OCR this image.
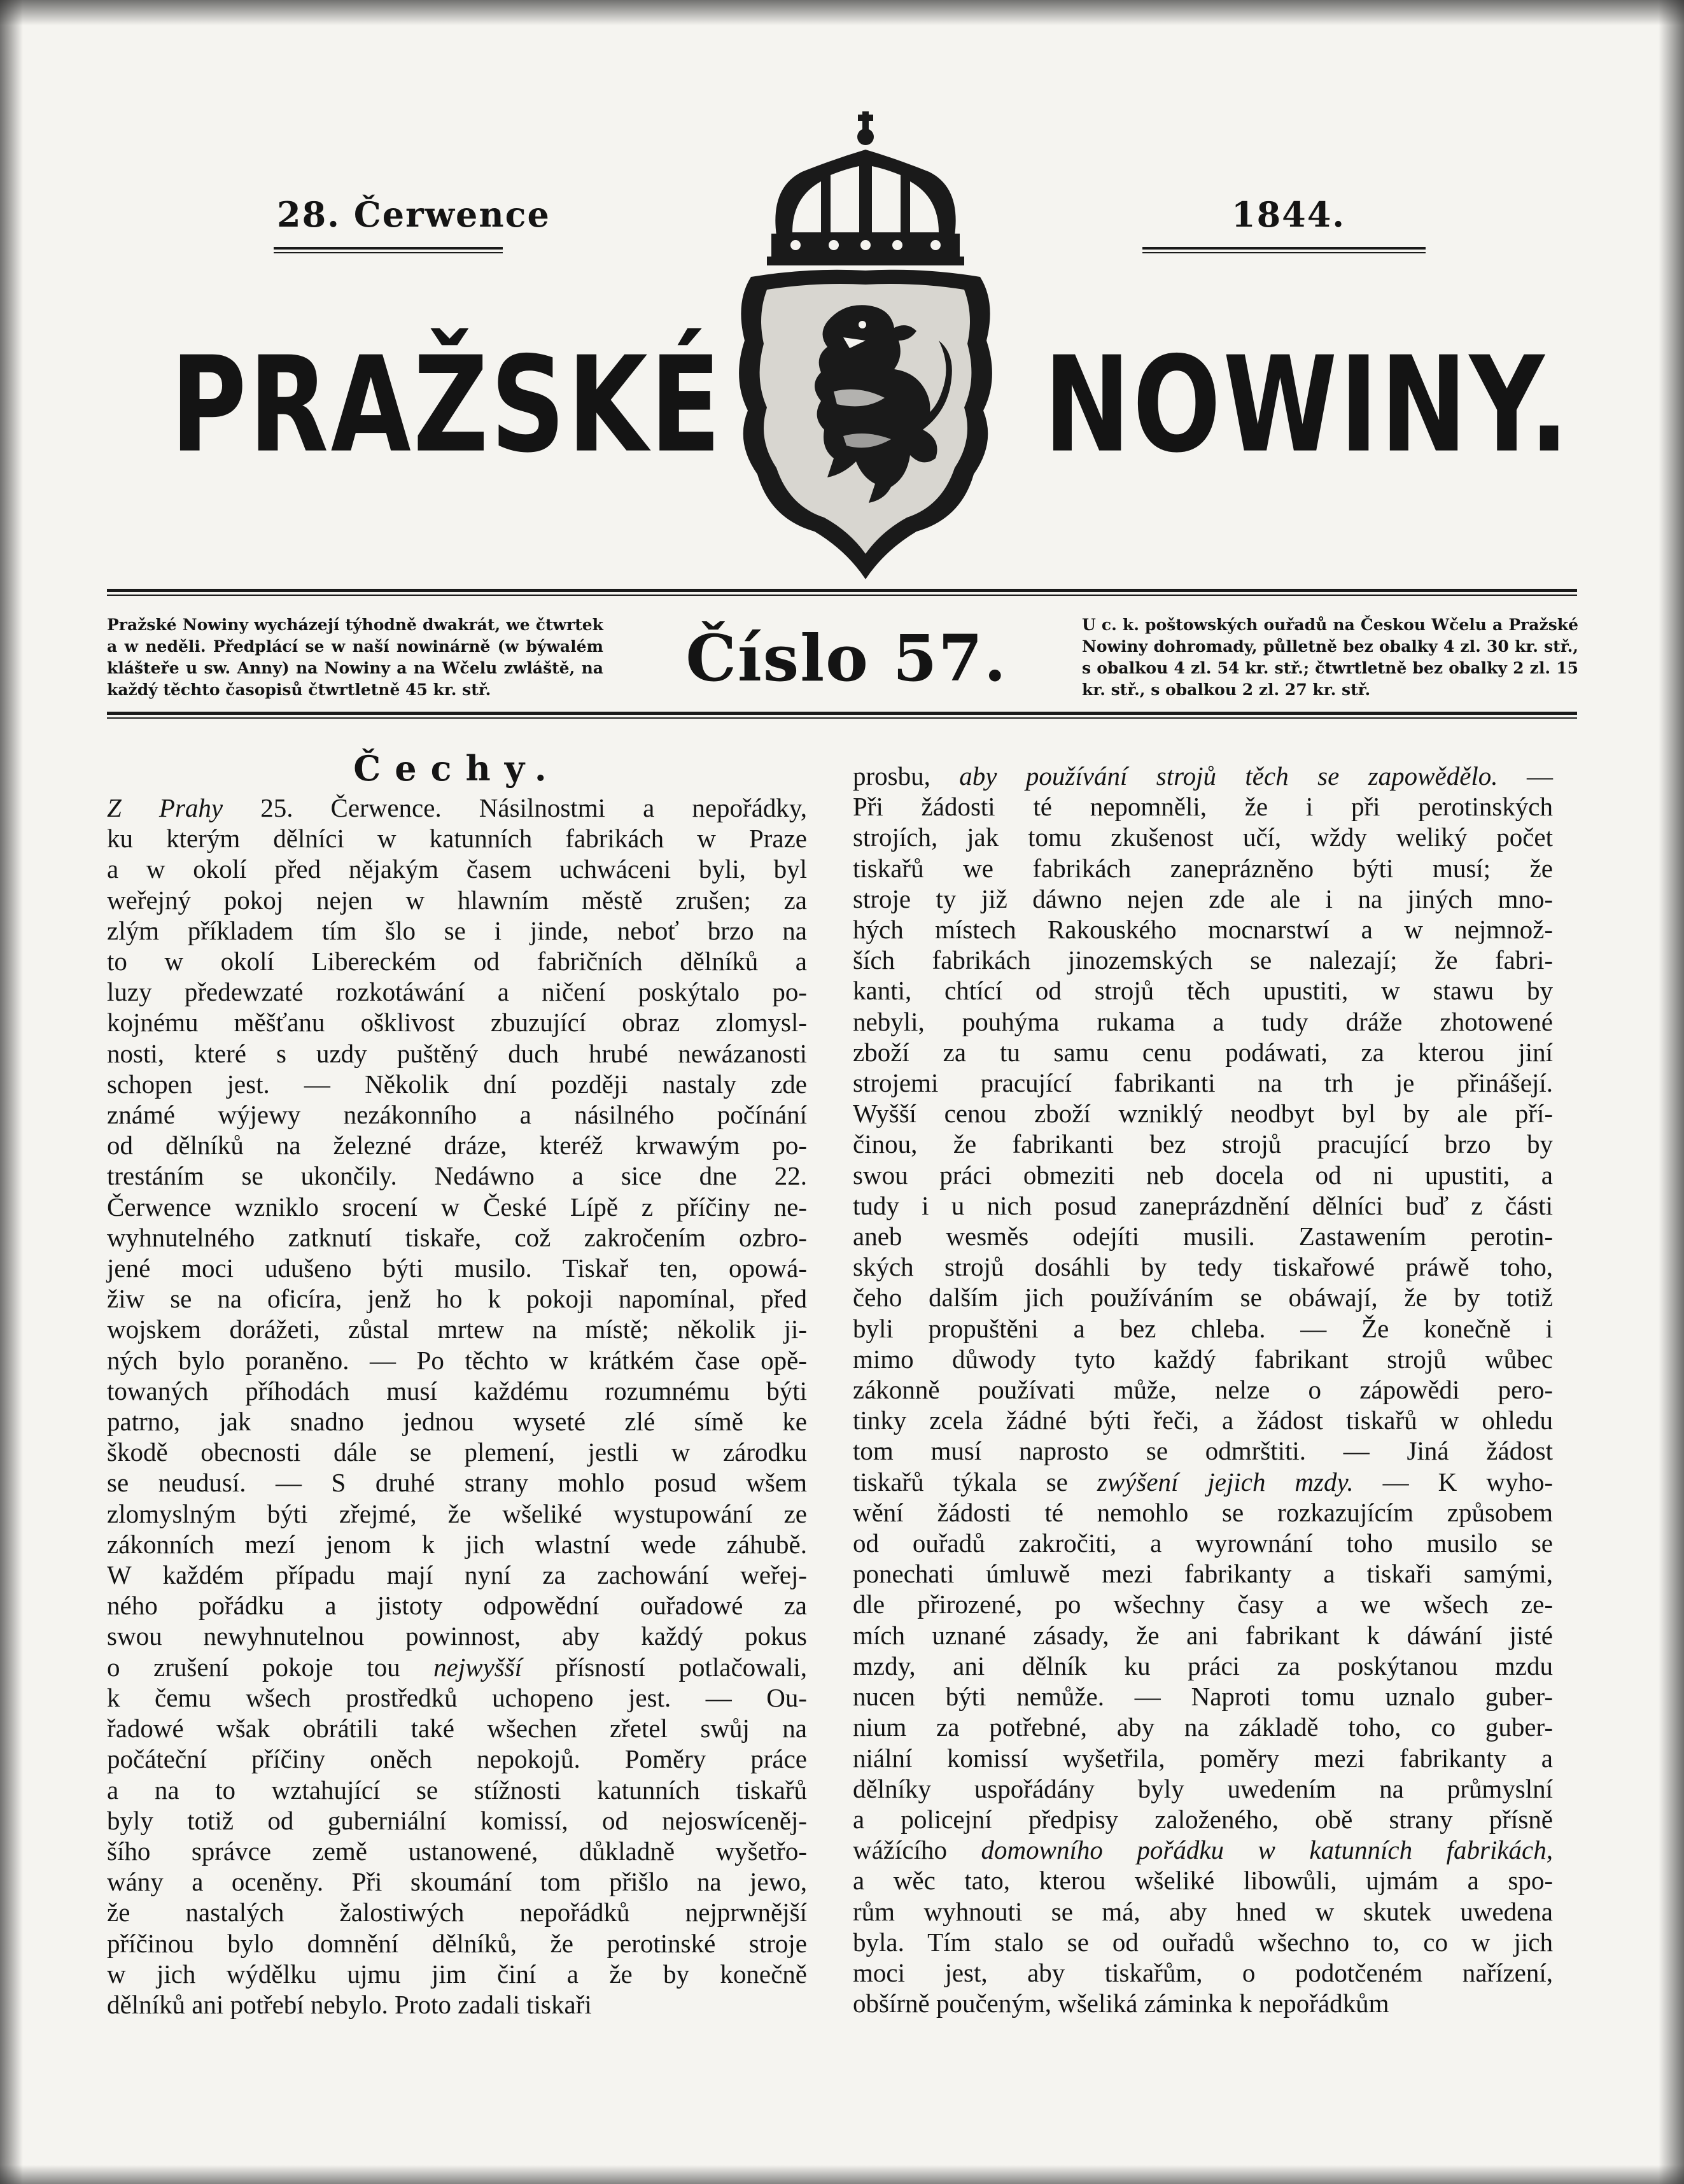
28. Čerwence	1844.
PRAŽSKÉ	NOWINY.
Pražské Nowiny wycházejí týhodně dwakrát, we čtwrtek a w neděli. Předplácí se w naší nowinárně (w býwalém klášteře u sw. Anny) na Nowiny a na Wčelu zwláště, na každý těchto časopisů čtwrtletně 45 kr. stř.	Číslo 57.	U c. k. poštowských ouřadů na Českou Wčelu a Pražské Nowiny dohromady, půlletně bez obalky 4 zl. 30 kr. stř., s obalkou 4 zl. 54 kr. stř.; čtwrtletně bez obalky 2 zl. 15 kr. stř., s obalkou 2 zl. 27 kr. stř.
Čechy.
Z Prahy 25. Čerwence. Násilnostmi a nepořádky,
ku kterým dělníci w katunních fabrikách w Praze
a w okolí před nějakým časem uchwáceni byli, byl
weřejný pokoj nejen w hlawním městě zrušen; za
zlým příkladem tím šlo se i jinde, neboť brzo na
to w okolí Libereckém od fabričních dělníků a
luzy předewzaté rozkotáwání a ničení poskýtalo po-
kojnému měšťanu ošklivost zbuzující obraz zlomysl-
nosti, které s uzdy puštěný duch hrubé newázanosti
schopen jest. — Několik dní později nastaly zde
známé wýjewy nezákonního a násilného počínání
od dělníků na železné dráze, kteréž krwawým po-
trestáním se ukončily. Nedáwno a sice dne 22.
Čerwence wzniklo srocení w České Lípě z příčiny ne-
wyhnutelného zatknutí tiskaře, což zakročením ozbro-
jené moci udušeno býti musilo. Tiskař ten, opowá-
žiw se na oficíra, jenž ho k pokoji napomínal, před
wojskem dorážeti, zůstal mrtew na místě; několik ji-
ných bylo poraněno. — Po těchto w krátkém čase opě-
towaných příhodách musí každému rozumnému býti
patrno, jak snadno jednou wyseté zlé símě ke
škodě obecnosti dále se plemení, jestli w zárodku
se neudusí. — S druhé strany mohlo posud wšem
zlomyslným býti zřejmé, že wšeliké wystupowání ze
zákonních mezí jenom k jich wlastní wede záhubě.
W každém případu mají nyní za zachowání weřej-
ného pořádku a jistoty odpowědní ouřadowé za
swou newyhnutelnou powinnost, aby každý pokus
o zrušení pokoje tou nejwyšší přísností potlačowali,
k čemu wšech prostředků uchopeno jest. — Ou-
řadowé wšak obrátili také wšechen zřetel swůj na
počáteční příčiny oněch nepokojů. Poměry práce
a na to wztahující se stížnosti katunních tiskařů
byly totiž od guberniální komissí, od nejoswíceněj-
šího správce země ustanowené, důkladně wyšetřo-
wány a oceněny. Při skoumání tom přišlo na jewo,
že nastalých žalostiwých nepořádků nejprwnější
příčinou bylo domnění dělníků, že perotinské stroje
w jich wýdělku ujmu jim činí a že by konečně
dělníků ani potřebí nebylo. Proto zadali tiskaři
prosbu, aby používání strojů těch se zapowědělo. —
Při žádosti té nepomněli, že i při perotinských
strojích, jak tomu zkušenost učí, wždy weliký počet
tiskařů we fabrikách zaneprázněno býti musí; že
stroje ty již dáwno nejen zde ale i na jiných mno-
hých místech Rakouského mocnarstwí a w nejmnož-
ších fabrikách jinozemských se nalezají; že fabri-
kanti, chtící od strojů těch upustiti, w stawu by
nebyli, pouhýma rukama a tudy dráže zhotowené
zboží za tu samu cenu podáwati, za kterou jiní
strojemi pracující fabrikanti na trh je přinášejí.
Wyšší cenou zboží wzniklý neodbyt byl by ale pří-
činou, že fabrikanti bez strojů pracující brzo by
swou práci obmeziti neb docela od ni upustiti, a
tudy i u nich posud zaneprázdnění dělníci buď z části
aneb wesměs odejíti musili. Zastawením perotin-
ských strojů dosáhli by tedy tiskařowé práwě toho,
čeho dalším jich používáním se obáwají, že by totiž
byli propuštěni a bez chleba. — Že konečně i
mimo důwody tyto každý fabrikant strojů wůbec
zákonně používati může, nelze o zápowědi pero-
tinky zcela žádné býti řeči, a žádost tiskařů w ohledu
tom musí naprosto se odmrštiti. — Jiná žádost
tiskařů týkala se zwýšení jejich mzdy. — K wyho-
wění žádosti té nemohlo se rozkazujícím způsobem
od ouřadů zakročiti, a wyrownání toho musilo se
ponechati úmluwě mezi fabrikanty a tiskaři samými,
dle přirozené, po wšechny časy a we wšech ze-
mích uznané zásady, že ani fabrikant k dáwání jisté
mzdy, ani dělník ku práci za poskýtanou mzdu
nucen býti nemůže. — Naproti tomu uznalo guber-
nium za potřebné, aby na základě toho, co guber-
niální komissí wyšetřila, poměry mezi fabrikanty a
dělníky uspořádány byly uwedením na průmyslní
a policejní předpisy založeného, obě strany přísně
wážícího domowního pořádku w katunních fabrikách,
a wěc tato, kterou wšeliké libowůli, ujmám a spo-
rům wyhnouti se má, aby hned w skutek uwedena
byla. Tím stalo se od ouřadů wšechno to, co w jich
moci jest, aby tiskařům, o podotčeném nařízení,
obšírně poučeným, wšeliká záminka k nepořádkům
